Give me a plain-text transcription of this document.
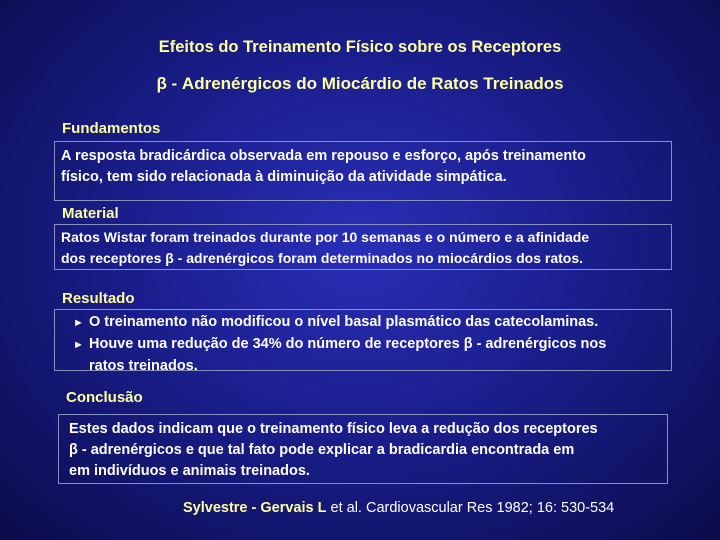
Efeitos do Treinamento Físico sobre os Receptores
β - Adrenérgicos do Miocárdio de Ratos Treinados
Fundamentos
A resposta bradicárdica observada em repouso e esforço, após treinamento
físico, tem sido relacionada à diminuição da atividade simpática.
Material
Ratos Wistar foram treinados durante por 10 semanas e o número e a afinidade
dos receptores β - adrenérgicos foram determinados no miocárdios dos ratos.
Resultado
► O treinamento não modificou o nível basal plasmático das catecolaminas.
► Houve uma redução de 34% do número de receptores β - adrenérgicos nos
ratos treinados.
Conclusão
Estes dados indicam que o treinamento físico leva a redução dos receptores
β - adrenérgicos e que tal fato pode explicar a bradicardia encontrada em
em indivíduos e animais treinados.
Sylvestre - Gervais L et al. Cardiovascular Res 1982; 16: 530-534
